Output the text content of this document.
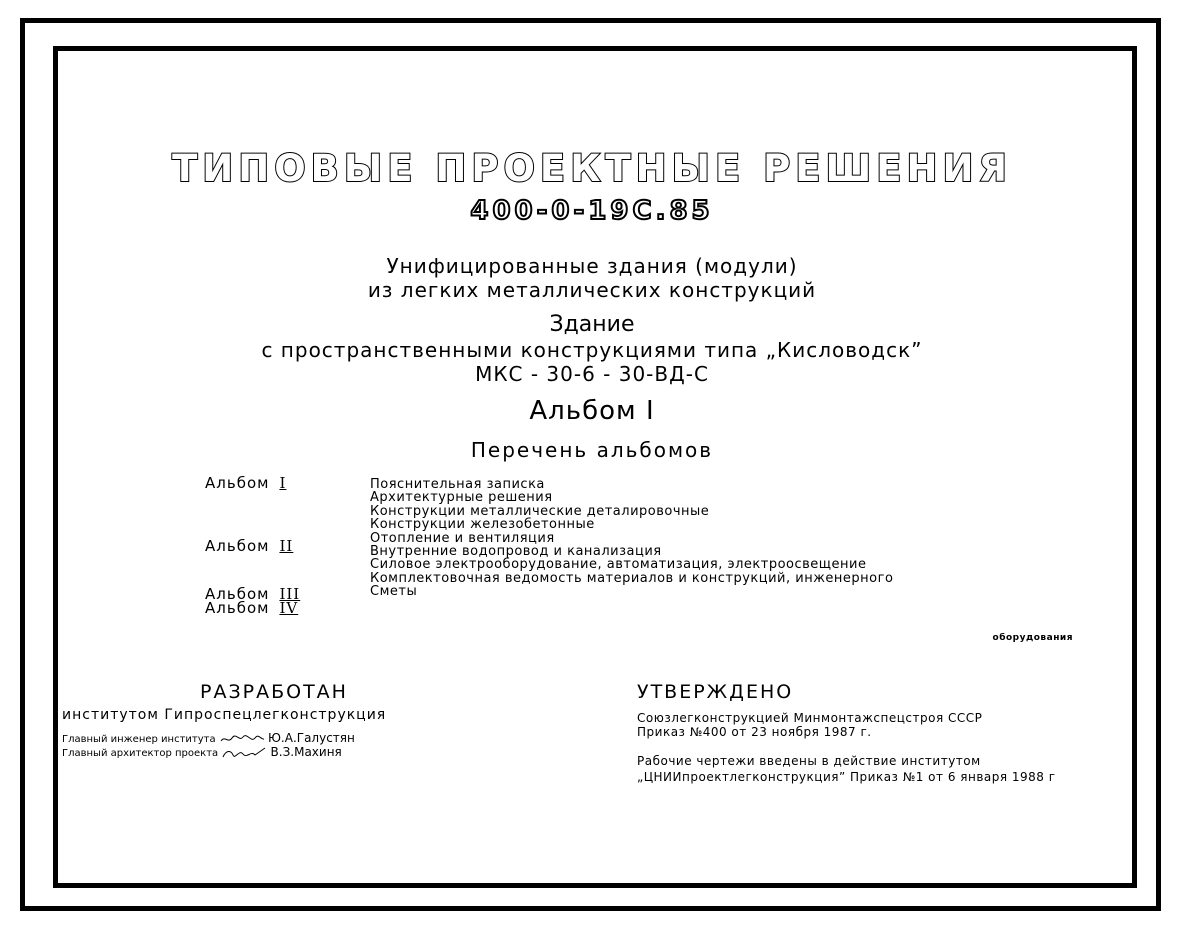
ТИПОВЫЕ ПРОЕКТНЫЕ РЕШЕНИЯ
400-0-19С.85
Унифицированные здания (модули)
из легких металлических конструкций
Здание
с пространственными конструкциями типа „Кисловодск”
МКС - 30-6 - 30-ВД-С
Альбом I
Перечень альбомов
Альбом I
Альбом II
Альбом III
Альбом IV
Пояснительная записка
Архитектурные решения
Конструкции металлические деталировочные
Конструкции железобетонные
Отопление и вентиляция
Внутренние водопровод и канализация
Силовое электрооборудование, автоматизация, электроосвещение
Комплектовочная ведомость материалов и конструкций, инженерного
Сметы
оборудования
РАЗРАБОТАН
институтом Гипроспецлегконструкция
Главный инженер института	Ю.А.Галустян
Главный архитектор проекта	В.З.Махиня
УТВЕРЖДЕНО
Союзлегконструкцией Минмонтажспецстроя СССР
Приказ №400 от 23 ноября 1987 г.
Рабочие чертежи введены в действие институтом
„ЦНИИпроектлегконструкция” Приказ №1 от 6 января 1988 г
